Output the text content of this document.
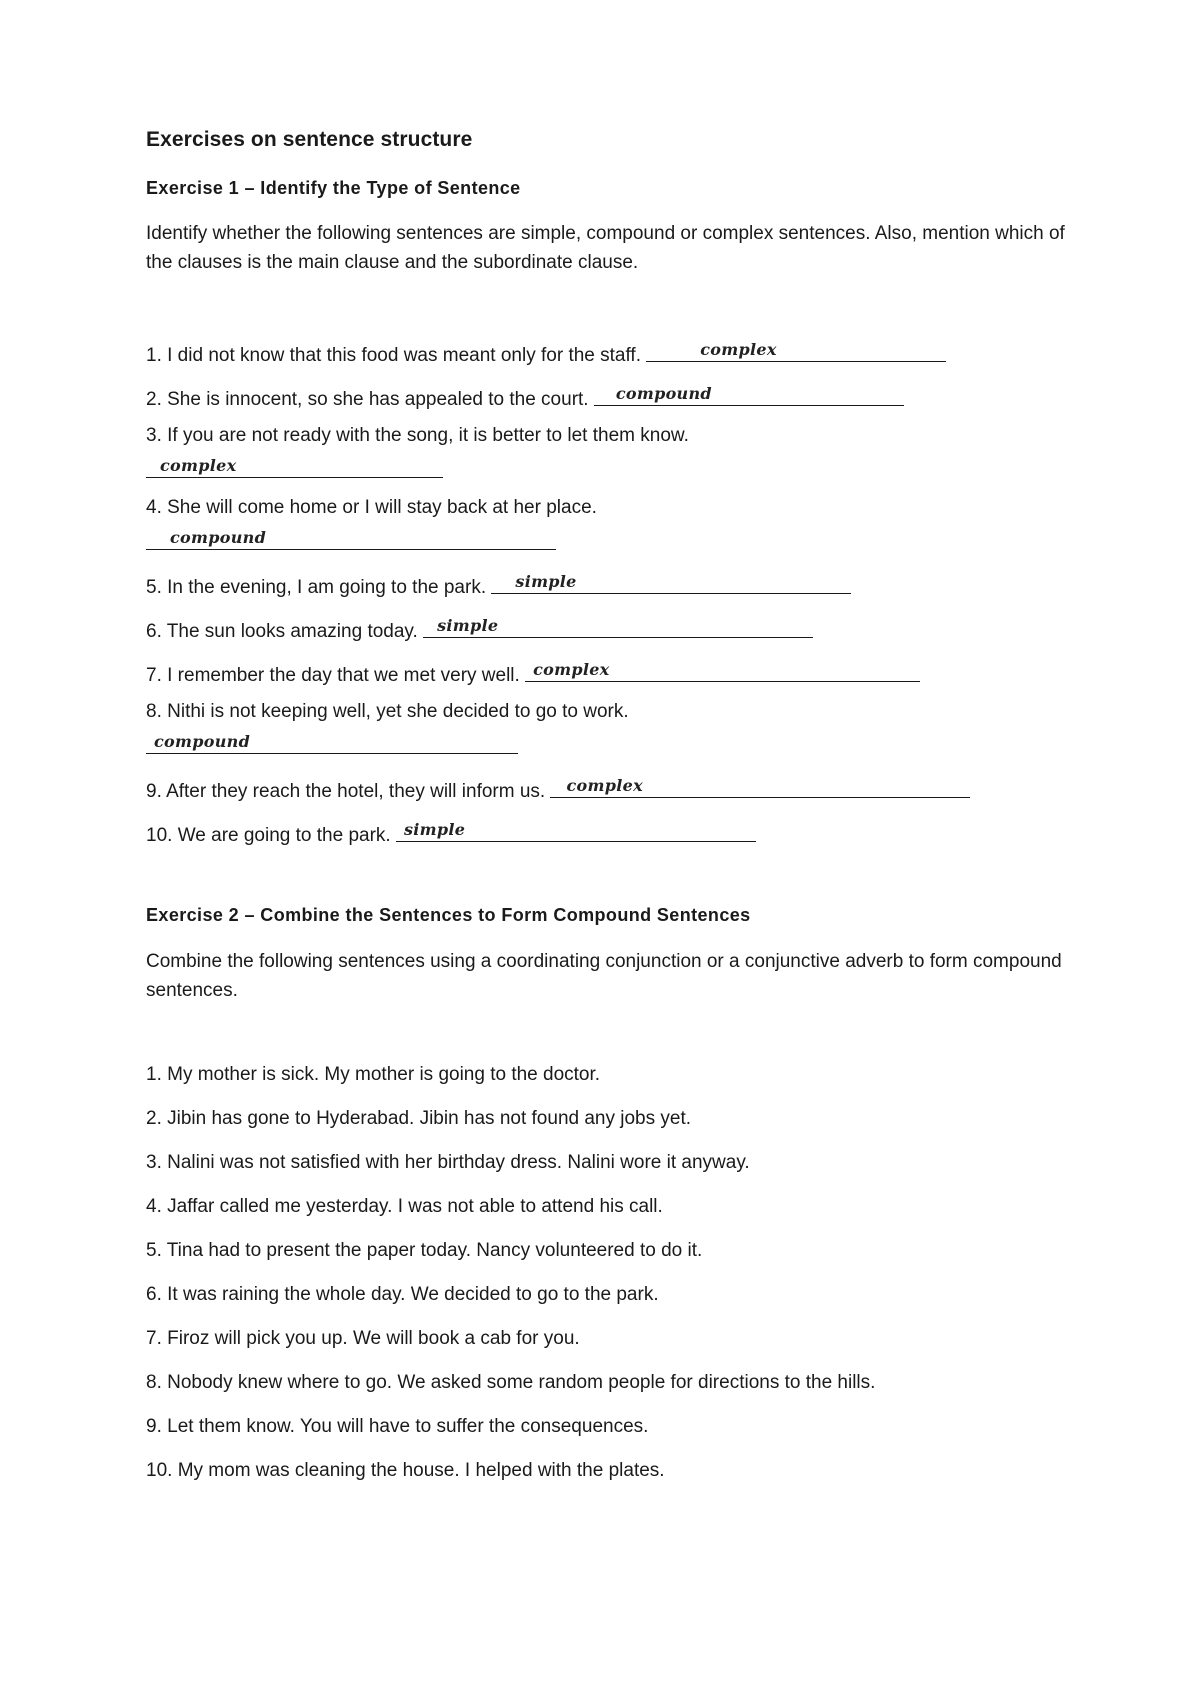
Exercises on sentence structure
Exercise 1 – Identify the Type of Sentence
Identify whether the following sentences are simple, compound or complex sentences. Also, mention which of the clauses is the main clause and the subordinate clause.
1. I did not know that this food was meant only for the staff.	complex
2. She is innocent, so she has appealed to the court. compound
3. If you are not ready with the song, it is better to let them know.
complex
4. She will come home or I will stay back at her place.
compound
5. In the evening, I am going to the park. simple
6. The sun looks amazing today. simple
7. I remember the day that we met very well. complex
8. Nithi is not keeping well, yet she decided to go to work.
compound
9. After they reach the hotel, they will inform us. complex
10. We are going to the park. simple
Exercise 2 – Combine the Sentences to Form Compound Sentences
Combine the following sentences using a coordinating conjunction or a conjunctive adverb to form compound sentences.
1. My mother is sick. My mother is going to the doctor.
2. Jibin has gone to Hyderabad. Jibin has not found any jobs yet.
3. Nalini was not satisfied with her birthday dress. Nalini wore it anyway.
4. Jaffar called me yesterday. I was not able to attend his call.
5. Tina had to present the paper today. Nancy volunteered to do it.
6. It was raining the whole day. We decided to go to the park.
7. Firoz will pick you up. We will book a cab for you.
8. Nobody knew where to go. We asked some random people for directions to the hills.
9. Let them know. You will have to suffer the consequences.
10. My mom was cleaning the house. I helped with the plates.
